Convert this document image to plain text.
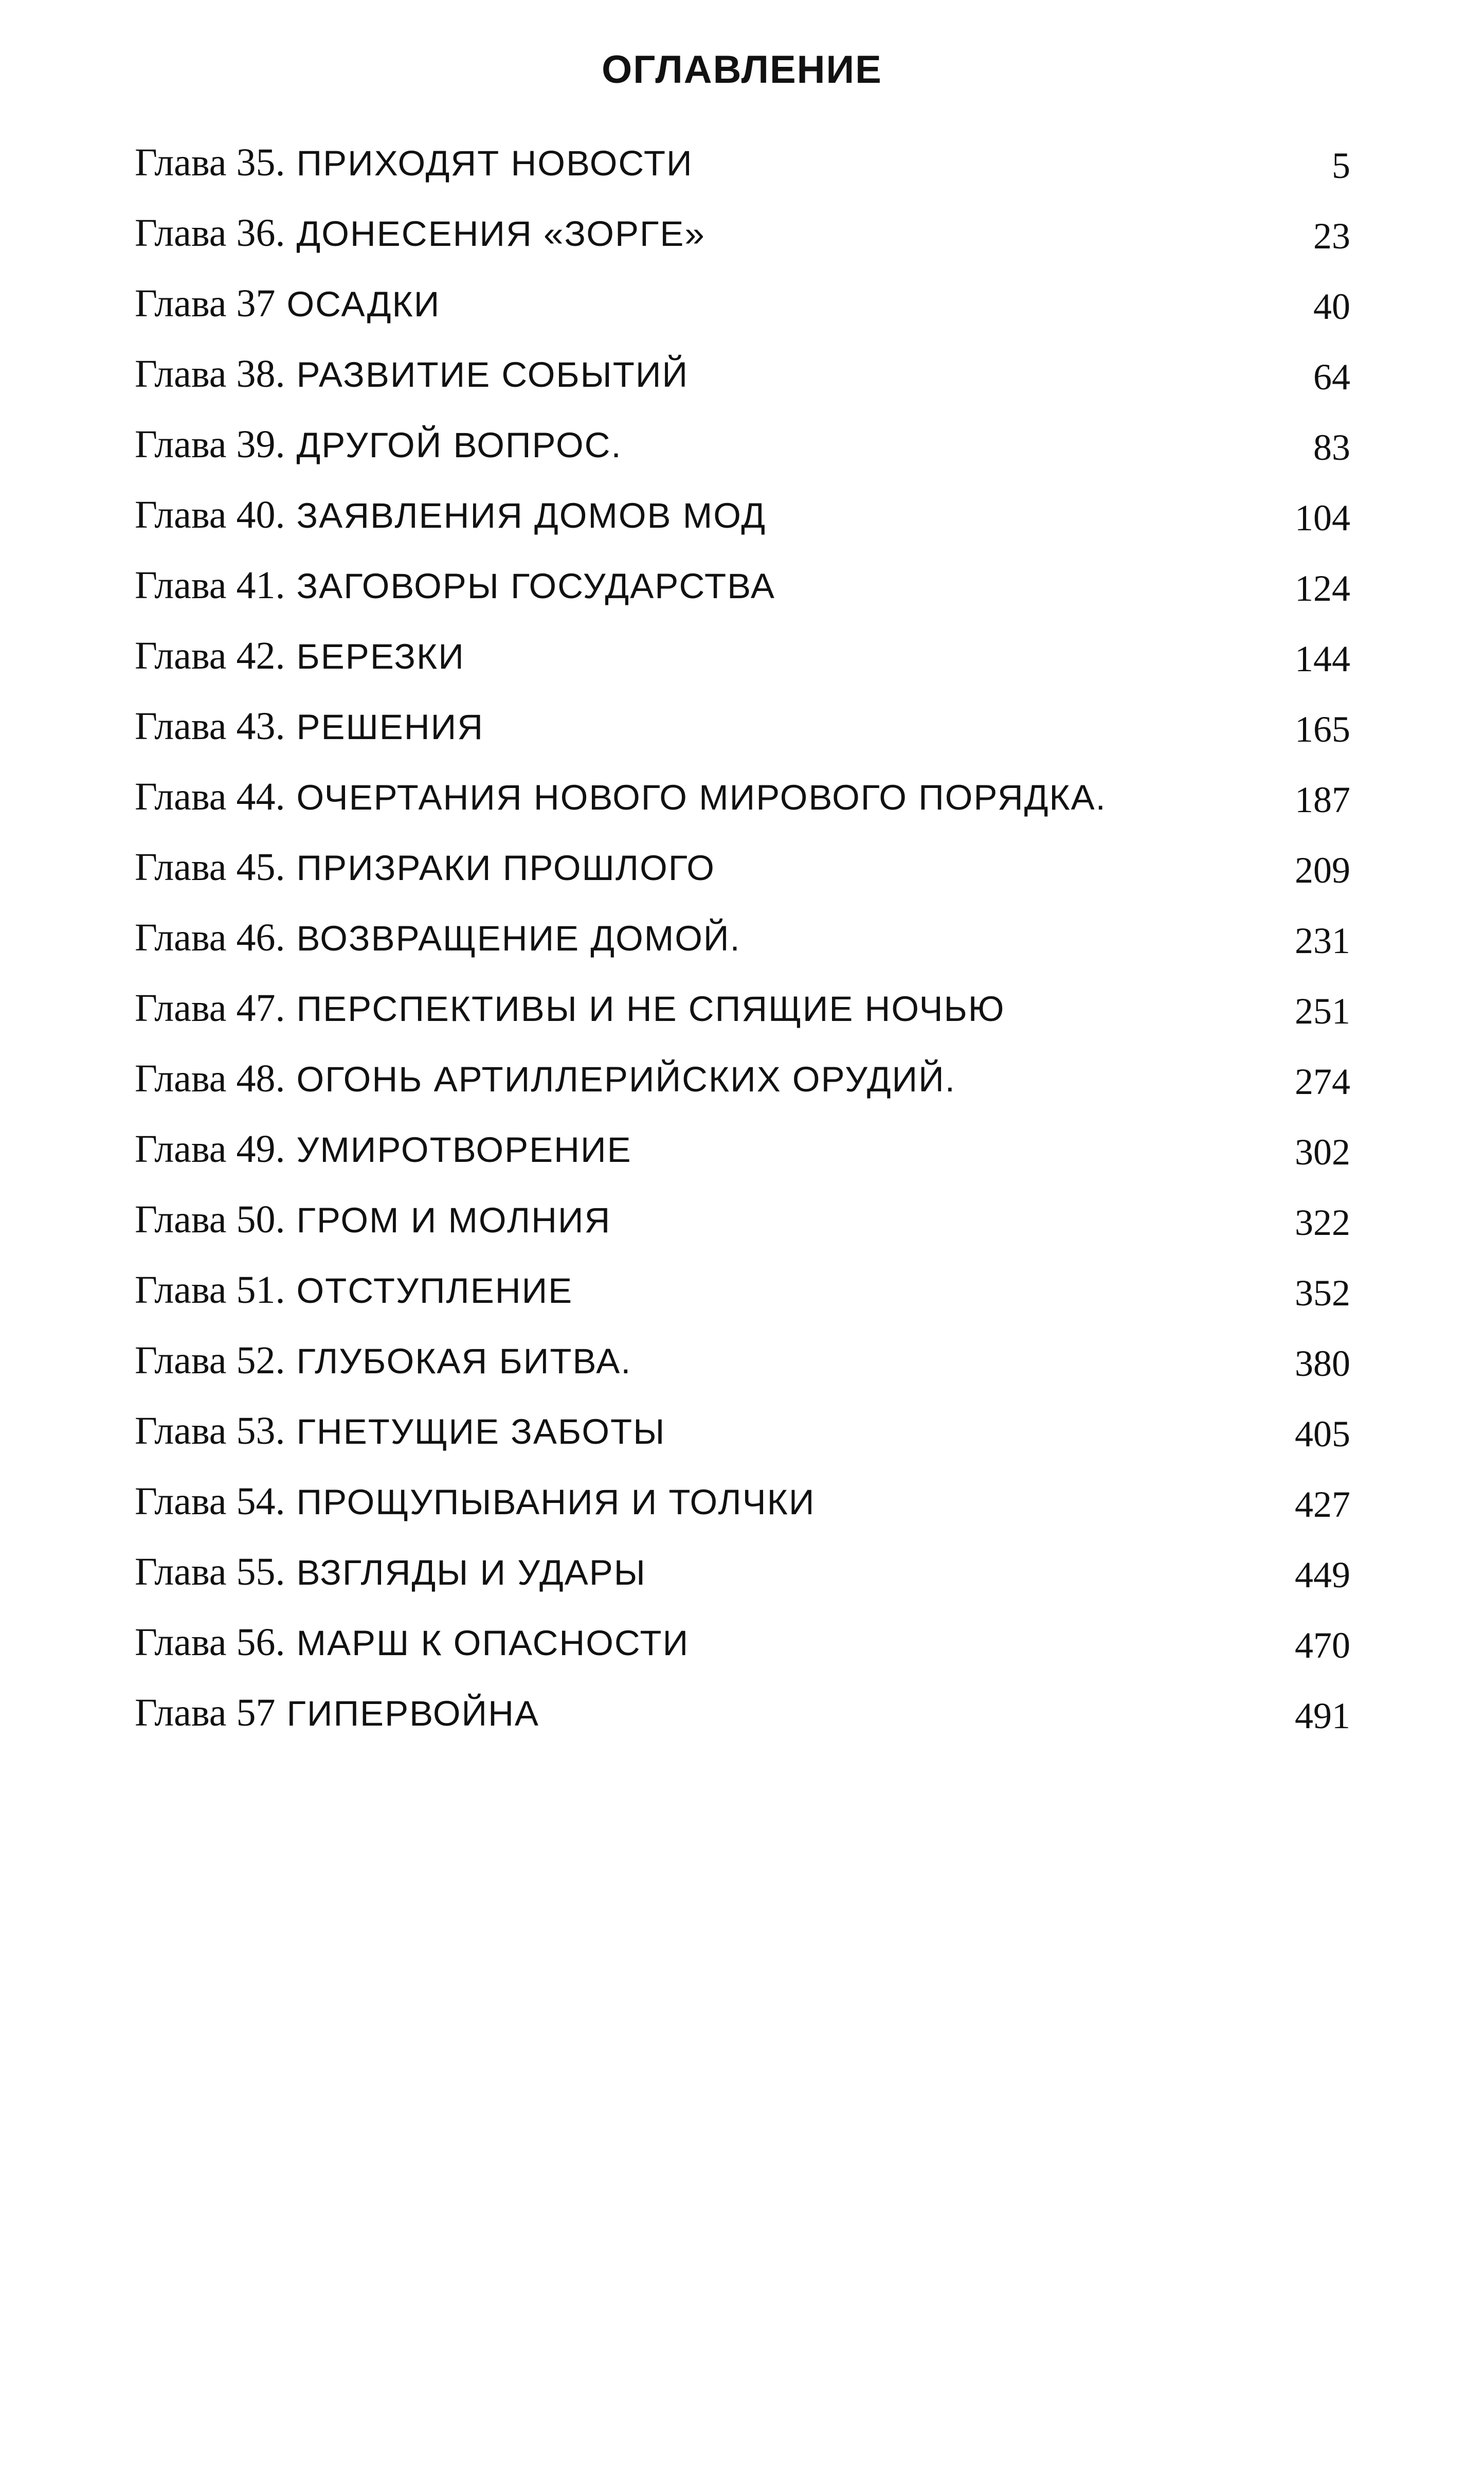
ОГЛАВЛЕНИЕ
Глава 35. ПРИХОДЯТ НОВОСТИ	5
Глава 36. ДОНЕСЕНИЯ «ЗОРГЕ»	23
Глава 37 ОСАДКИ	40
Глава 38. РАЗВИТИЕ СОБЫТИЙ	64
Глава 39. ДРУГОЙ ВОПРОС.	83
Глава 40. ЗАЯВЛЕНИЯ ДОМОВ МОД	104
Глава 41. ЗАГОВОРЫ ГОСУДАРСТВА	124
Глава 42. БЕРЕЗКИ	144
Глава 43. РЕШЕНИЯ	165
Глава 44. ОЧЕРТАНИЯ НОВОГО МИРОВОГО ПОРЯДКА.	187
Глава 45. ПРИЗРАКИ ПРОШЛОГО	209
Глава 46. ВОЗВРАЩЕНИЕ ДОМОЙ.	231
Глава 47. ПЕРСПЕКТИВЫ И НЕ СПЯЩИЕ НОЧЬЮ	251
Глава 48. ОГОНЬ АРТИЛЛЕРИЙСКИХ ОРУДИЙ.	274
Глава 49. УМИРОТВОРЕНИЕ	302
Глава 50. ГРОМ И МОЛНИЯ	322
Глава 51. ОТСТУПЛЕНИЕ	352
Глава 52. ГЛУБОКАЯ БИТВА.	380
Глава 53. ГНЕТУЩИЕ ЗАБОТЫ	405
Глава 54. ПРОЩУПЫВАНИЯ И ТОЛЧКИ	427
Глава 55. ВЗГЛЯДЫ И УДАРЫ	449
Глава 56. МАРШ К ОПАСНОСТИ	470
Глава 57 ГИПЕРВОЙНА	491
